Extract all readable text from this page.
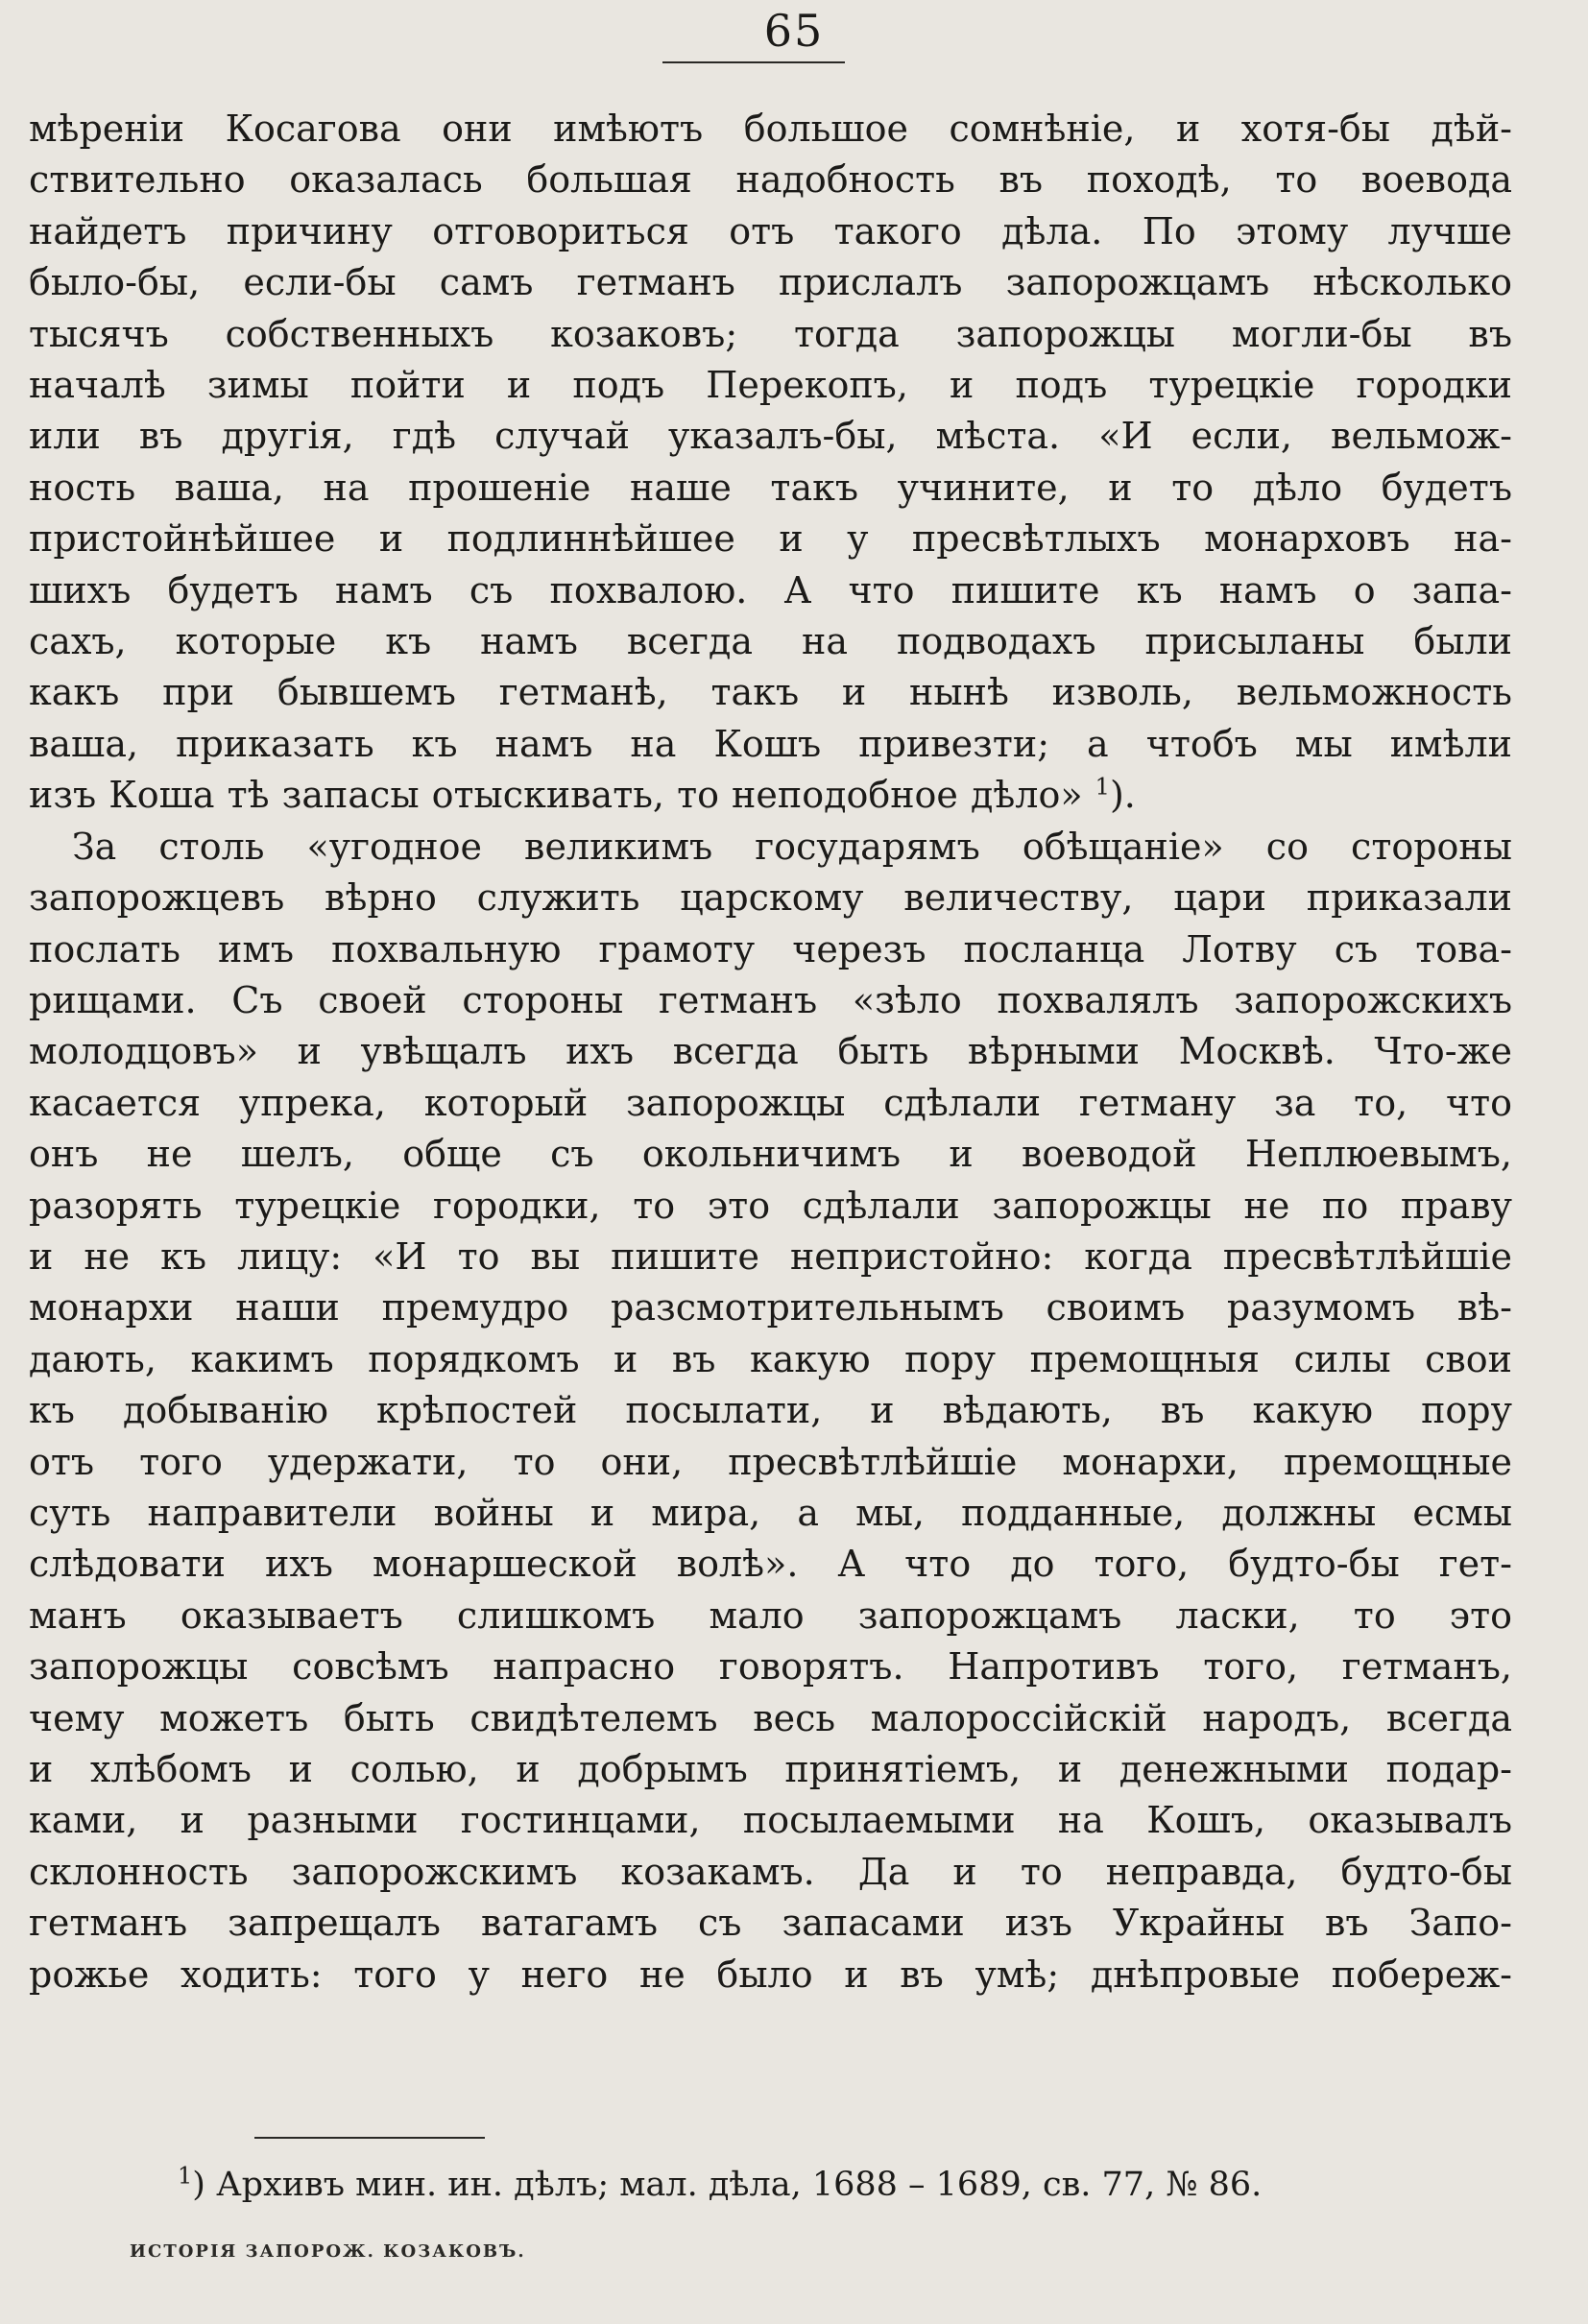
65
мѣреніи Косагова они имѣютъ большое сомнѣніе, и хотя-бы дѣй-
ствительно оказалась большая надобность въ походѣ, то воевода
найдетъ причину отговориться отъ такого дѣла. По этому лучше
было-бы, если-бы самъ гетманъ прислалъ запорожцамъ нѣсколько
тысячъ собственныхъ козаковъ; тогда запорожцы могли-бы въ
началѣ зимы пойти и подъ Перекопъ, и подъ турецкіе городки
или въ другія, гдѣ случай указалъ-бы, мѣста. «И если, вельмож-
ность ваша, на прошеніе наше такъ учините, и то дѣло будетъ
пристойнѣйшее и подлиннѣйшее и у пресвѣтлыхъ монарховъ на-
шихъ будетъ намъ съ похвалою. А что пишите къ намъ о запа-
сахъ, которые къ намъ всегда на подводахъ присыланы были
какъ при бывшемъ гетманѣ, такъ и нынѣ изволь, вельможность
ваша, приказать къ намъ на Кошъ привезти; а чтобъ мы имѣли
изъ Коша тѣ запасы отыскивать, то неподобное дѣло» $^1$).
За столь «угодное великимъ государямъ обѣщаніе» со стороны
запорожцевъ вѣрно служить царскому величеству, цари приказали
послать имъ похвальную грамоту черезъ посланца Лотву съ това-
рищами. Съ своей стороны гетманъ «зѣло похвалялъ запорожскихъ
молодцовъ» и увѣщалъ ихъ всегда быть вѣрными Москвѣ. Что-же
касается упрека, который запорожцы сдѣлали гетману за то, что
онъ не шелъ, обще съ окольничимъ и воеводой Неплюевымъ,
разорять турецкіе городки, то это сдѣлали запорожцы не по праву
и не къ лицу: «И то вы пишите непристойно: когда пресвѣтлѣйшіе
монархи наши премудро разсмотрительнымъ своимъ разумомъ вѣ-
дають, какимъ порядкомъ и въ какую пору премощныя силы свои
къ добыванію крѣпостей посылати, и вѣдають, въ какую пору
отъ того удержати, то они, пресвѣтлѣйшіе монархи, премощные
суть направители войны и мира, а мы, подданные, должны есмы
слѣдовати ихъ монаршеской волѣ». А что до того, будто-бы гет-
манъ оказываетъ слишкомъ мало запорожцамъ ласки, то это
запорожцы совсѣмъ напрасно говорятъ. Напротивъ того, гетманъ,
чему можетъ быть свидѣтелемъ весь малороссійскій народъ, всегда
и хлѣбомъ и солью, и добрымъ принятіемъ, и денежными подар-
ками, и разными гостинцами, посылаемыми на Кошъ, оказывалъ
склонность запорожскимъ козакамъ. Да и то неправда, будто-бы
гетманъ запрещалъ ватагамъ съ запасами изъ Украйны въ Запо-
рожье ходить: того у него не было и въ умѣ; днѣпровые побереж-
$^1$) Архивъ мин. ин. дѣлъ; мал. дѣла, 1688 – 1689, св. 77, № 86.
ИСТОРІЯ ЗАПОРОЖ. КОЗАКОВЪ.
